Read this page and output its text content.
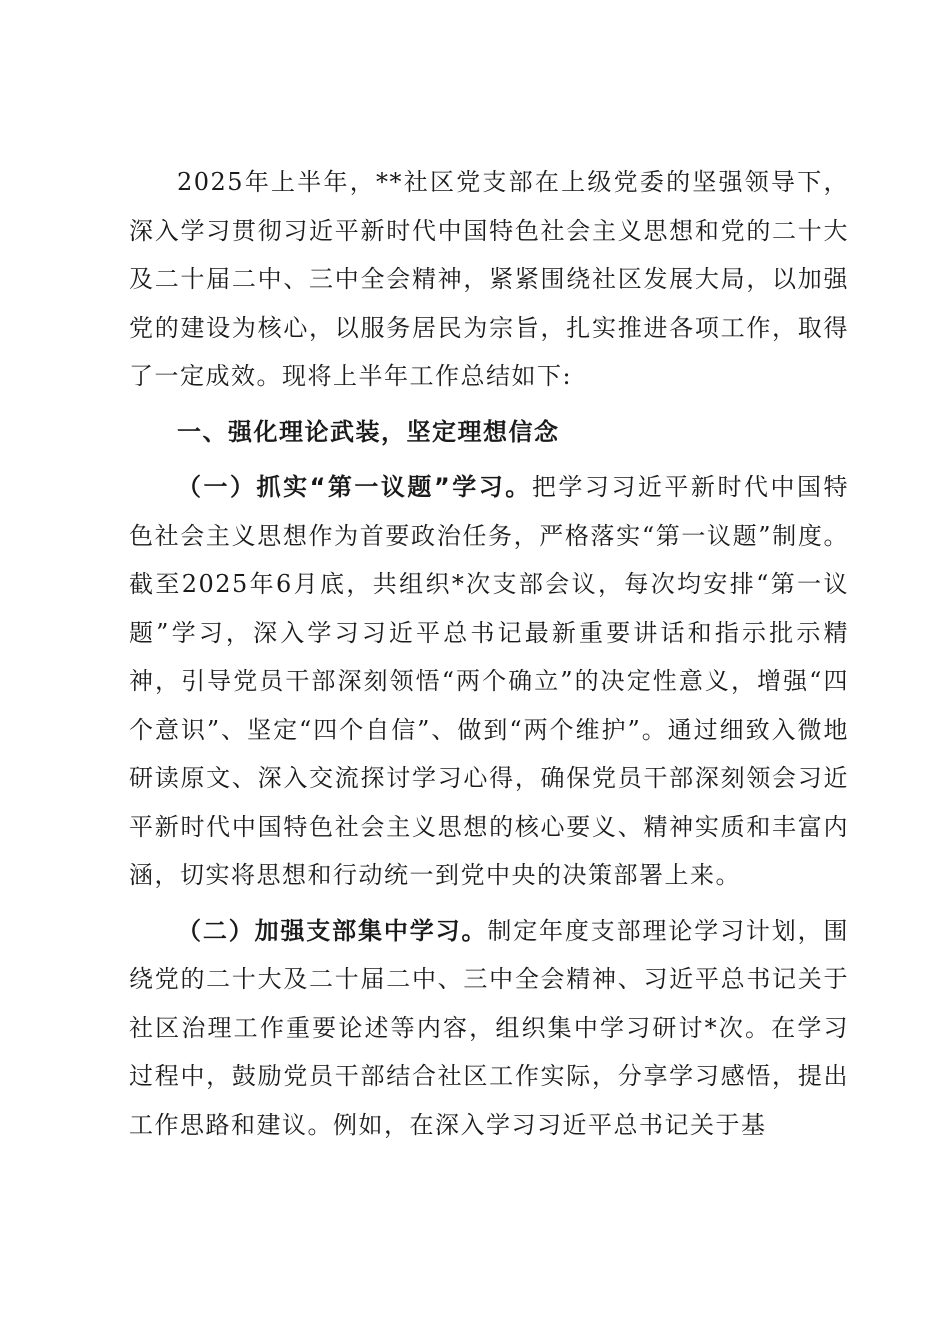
2025年上半年，**社区党支部在上级党委的坚强领导下，深入学习贯彻习近平新时代中国特色社会主义思想和党的二十大及二十届二中、三中全会精神，紧紧围绕社区发展大局，以加强党的建设为核心，以服务居民为宗旨，扎实推进各项工作，取得了一定成效。现将上半年工作总结如下:

一、强化理论武装，坚定理想信念

（一）抓实“第一议题”学习。把学习习近平新时代中国特色社会主义思想作为首要政治任务，严格落实“第一议题”制度。截至2025年6月底，共组织*次支部会议，每次均安排“第一议题”学习，深入学习习近平总书记最新重要讲话和指示批示精神，引导党员干部深刻领悟“两个确立”的决定性意义，增强“四个意识”、坚定“四个自信”、做到“两个维护”。通过细致入微地研读原文、深入交流探讨学习心得，确保党员干部深刻领会习近平新时代中国特色社会主义思想的核心要义、精神实质和丰富内涵，切实将思想和行动统一到党中央的决策部署上来。

（二）加强支部集中学习。制定年度支部理论学习计划，围绕党的二十大及二十届二中、三中全会精神、习近平总书记关于社区治理工作重要论述等内容，组织集中学习研讨*次。在学习过程中，鼓励党员干部结合社区工作实际，分享学习感悟，提出工作思路和建议。例如，在深入学习习近平总书记关于基
